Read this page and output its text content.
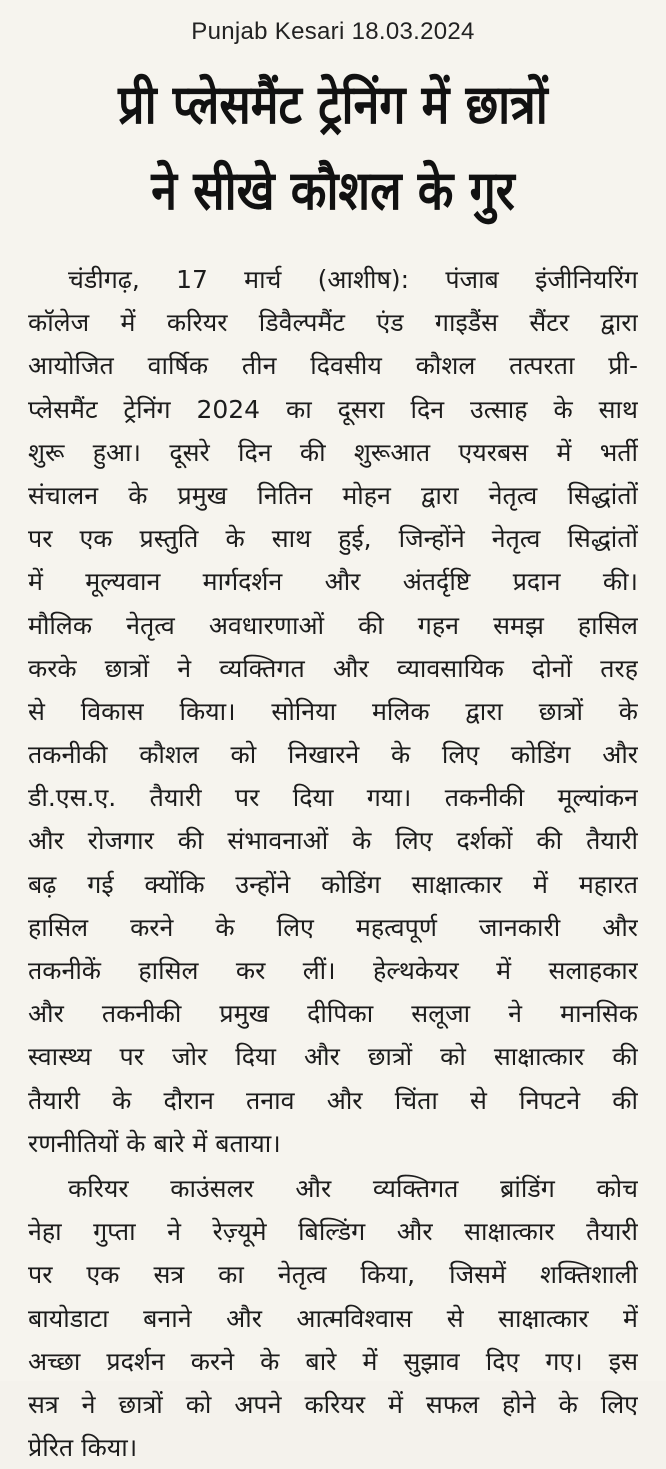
Punjab Kesari 18.03.2024
प्री प्लेसमैंट ट्रेनिंग में छात्रों
ने सीखे कौशल के गुर
चंडीगढ़, 17 मार्च (आशीष): पंजाब इंजीनियरिंग
कॉलेज में करियर डिवैल्पमैंट एंड गाइडैंस सैंटर द्वारा
आयोजित वार्षिक तीन दिवसीय कौशल तत्परता प्री-
प्लेसमैंट ट्रेनिंग 2024 का दूसरा दिन उत्साह के साथ
शुरू हुआ। दूसरे दिन की शुरूआत एयरबस में भर्ती
संचालन के प्रमुख नितिन मोहन द्वारा नेतृत्व सिद्धांतों
पर एक प्रस्तुति के साथ हुई, जिन्होंने नेतृत्व सिद्धांतों
में मूल्यवान मार्गदर्शन और अंतर्दृष्टि प्रदान की।
मौलिक नेतृत्व अवधारणाओं की गहन समझ हासिल
करके छात्रों ने व्यक्तिगत और व्यावसायिक दोनों तरह
से विकास किया। सोनिया मलिक द्वारा छात्रों के
तकनीकी कौशल को निखारने के लिए कोडिंग और
डी.एस.ए. तैयारी पर दिया गया। तकनीकी मूल्यांकन
और रोजगार की संभावनाओं के लिए दर्शकों की तैयारी
बढ़ गई क्योंकि उन्होंने कोडिंग साक्षात्कार में महारत
हासिल करने के लिए महत्वपूर्ण जानकारी और
तकनीकें हासिल कर लीं। हेल्थकेयर में सलाहकार
और तकनीकी प्रमुख दीपिका सलूजा ने मानसिक
स्वास्थ्य पर जोर दिया और छात्रों को साक्षात्कार की
तैयारी के दौरान तनाव और चिंता से निपटने की
रणनीतियों के बारे में बताया।
करियर काउंसलर और व्यक्तिगत ब्रांडिंग कोच
नेहा गुप्ता ने रेज़्यूमे बिल्डिंग और साक्षात्कार तैयारी
पर एक सत्र का नेतृत्व किया, जिसमें शक्तिशाली
बायोडाटा बनाने और आत्मविश्वास से साक्षात्कार में
अच्छा प्रदर्शन करने के बारे में सुझाव दिए गए। इस
सत्र ने छात्रों को अपने करियर में सफल होने के लिए
प्रेरित किया।
